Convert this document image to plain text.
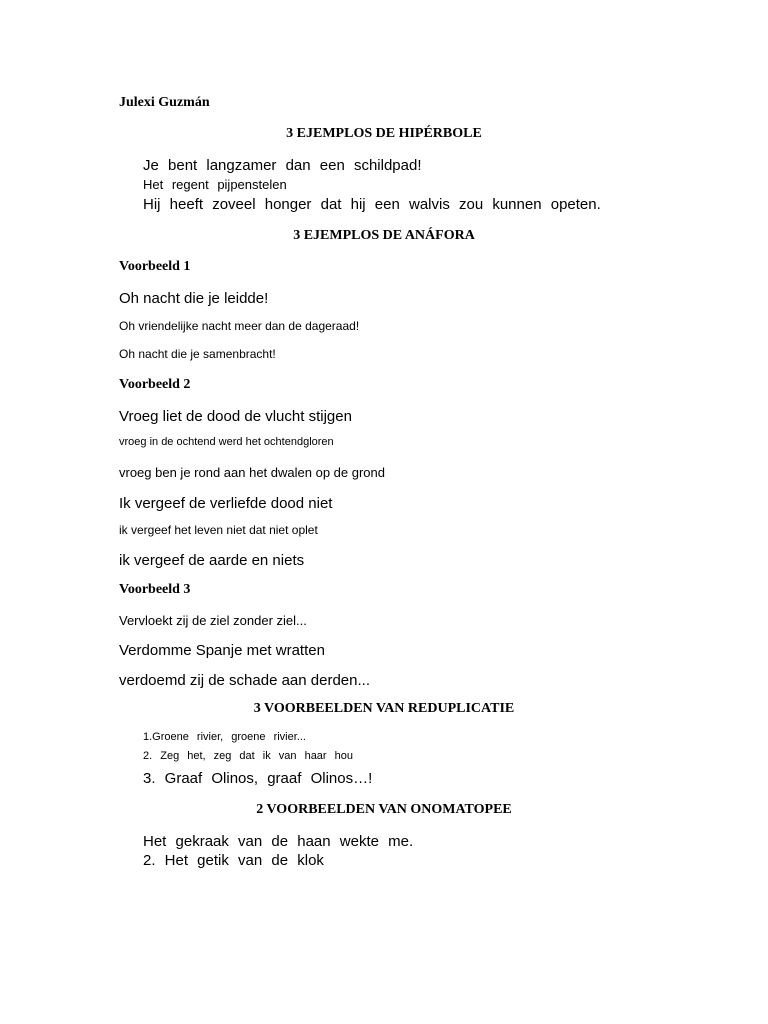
Julexi Guzmán

3 EJEMPLOS DE HIPÉRBOLE

Je bent langzamer dan een schildpad!

Het regent pijpenstelen

Hij heeft zoveel honger dat hij een walvis zou kunnen opeten.

3 EJEMPLOS DE ANÁFORA

Voorbeeld 1

Oh nacht die je leidde!

Oh vriendelijke nacht meer dan de dageraad!

Oh nacht die je samenbracht!

Voorbeeld 2

Vroeg liet de dood de vlucht stijgen

vroeg in de ochtend werd het ochtendgloren

vroeg ben je rond aan het dwalen op de grond

Ik vergeef de verliefde dood niet

ik vergeef het leven niet dat niet oplet

ik vergeef de aarde en niets

Voorbeeld 3

Vervloekt zij de ziel zonder ziel...

Verdomme Spanje met wratten

verdoemd zij de schade aan derden...

3 VOORBEELDEN VAN REDUPLICATIE

1.Groene rivier, groene rivier...

2. Zeg het, zeg dat ik van haar hou

3. Graaf Olinos, graaf Olinos…!

2 VOORBEELDEN VAN ONOMATOPEE

Het gekraak van de haan wekte me.

2. Het getik van de klok
